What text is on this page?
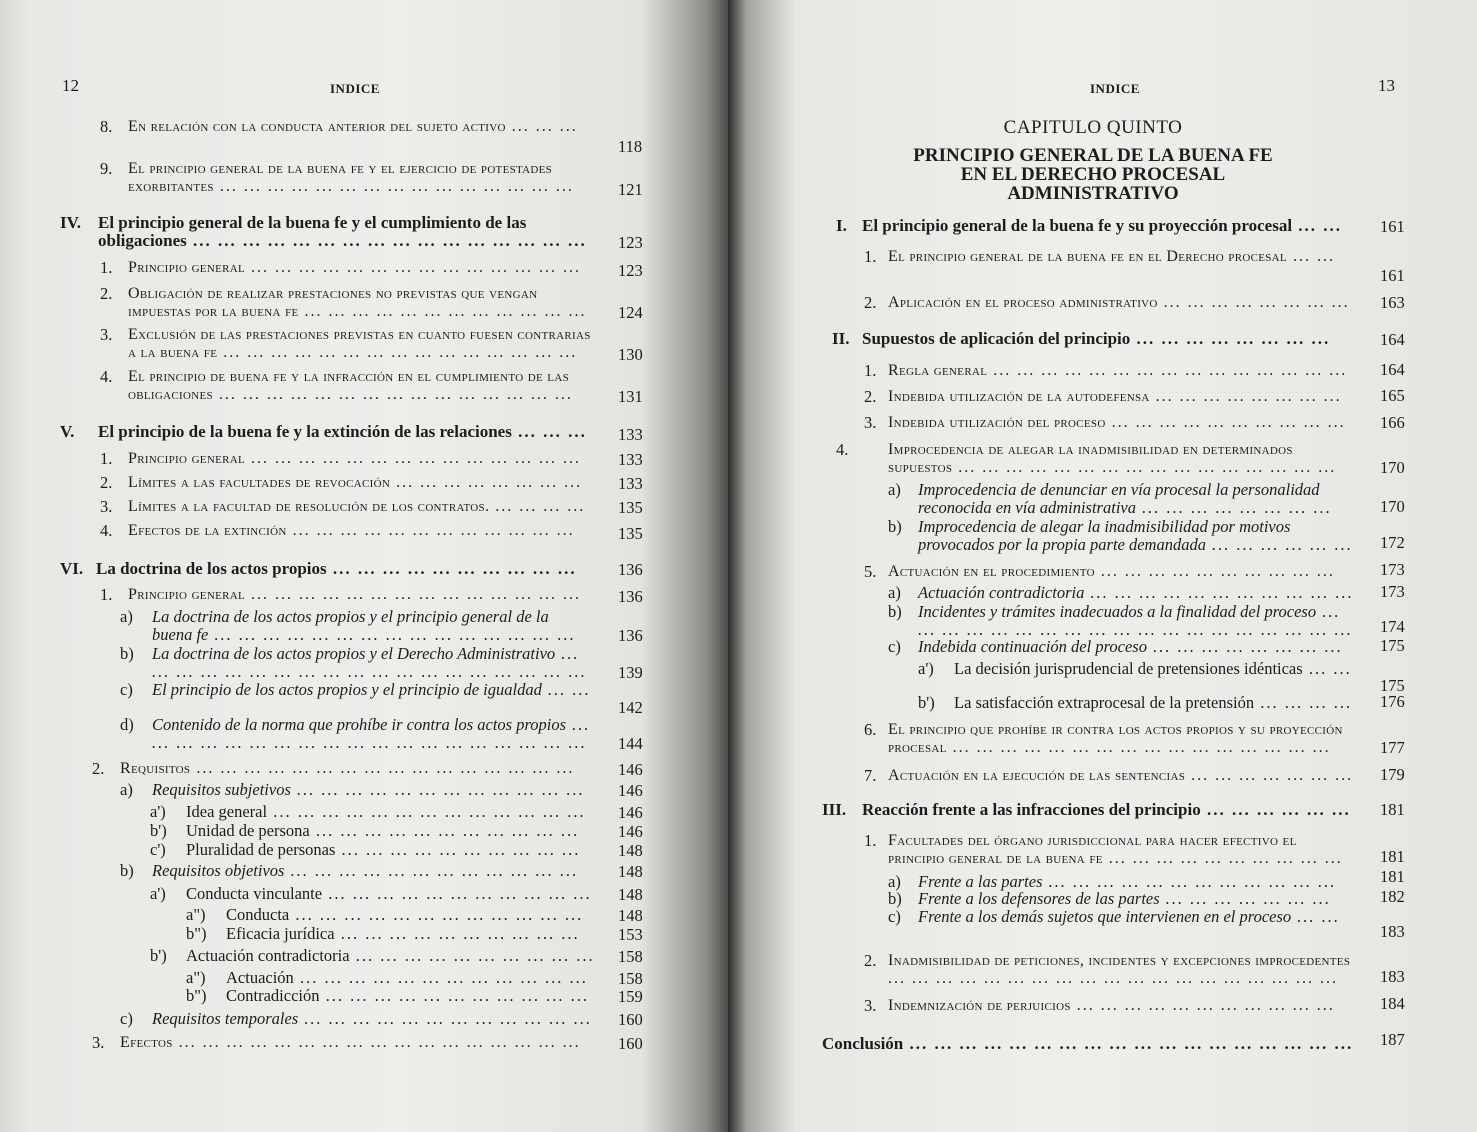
12	INDICE
8. En relación con la conducta anterior del sujeto activo ... ... ...
118
9. El principio general de la buena fe y el ejercicio de potestades exorbitantes ... ... ... ... ... ... ... ... ... ... ... ... ... ... ...	121
IV. El principio general de la buena fe y el cumplimiento de las obligaciones ... ... ... ... ... ... ... ... ... ... ... ... ... ... ... ...	123
1. Principio general ... ... ... ... ... ... ... ... ... ... ... ... ... ...	123
2. Obligación de realizar prestaciones no previstas que vengan impuestas por la buena fe ... ... ... ... ... ... ... ... ... ... ... ...	124
3. Exclusión de las prestaciones previstas en cuanto fuesen contrarias a la buena fe ... ... ... ... ... ... ... ... ... ... ... ... ... ... ...	130
4. El principio de buena fe y la infracción en el cumplimiento de las obligaciones ... ... ... ... ... ... ... ... ... ... ... ... ... ... ...	131
V. El principio de la buena fe y la extinción de las relaciones ... ... ...	133
1. Principio general ... ... ... ... ... ... ... ... ... ... ... ... ... ...	133
2. Límites a las facultades de revocación ... ... ... ... ... ... ... ...	133
3. Límites a la facultad de resolución de los contratos. ... ... ... ...	135
4. Efectos de la extinción ... ... ... ... ... ... ... ... ... ... ... ...	135
VI. La doctrina de los actos propios ... ... ... ... ... ... ... ... ... ...	136
1. Principio general ... ... ... ... ... ... ... ... ... ... ... ... ... ...	136
a) La doctrina de los actos propios y el principio general de la buena fe ... ... ... ... ... ... ... ... ... ... ... ... ... ... ...	136
b) La doctrina de los actos propios y el Derecho Administrativo ... ... ... ... ... ... ... ... ... ... ... ... ... ... ... ... ... ... ...	139
c) El principio de los actos propios y el principio de igualdad ... ...
142
d) Contenido de la norma que prohíbe ir contra los actos propios ... ... ... ... ... ... ... ... ... ... ... ... ... ... ... ... ... ... ...	144
2. Requisitos ... ... ... ... ... ... ... ... ... ... ... ... ... ... ... ...	146
a) Requisitos subjetivos ... ... ... ... ... ... ... ... ... ... ... ...	146
a') Idea general ... ... ... ... ... ... ... ... ... ... ... ... ...	146
b') Unidad de persona ... ... ... ... ... ... ... ... ... ... ...	146
c') Pluralidad de personas ... ... ... ... ... ... ... ... ... ...	148
b) Requisitos objetivos ... ... ... ... ... ... ... ... ... ... ... ...	148
a') Conducta vinculante ... ... ... ... ... ... ... ... ... ... ... 148
a") Conducta ... ... ... ... ... ... ... ... ... ... ... ...	148
b") Eficacia jurídica ... ... ... ... ... ... ... ... ... ...	153
b') Actuación contradictoria ... ... ... ... ... ... ... ... ... ... 158
a") Actuación ... ... ... ... ... ... ... ... ... ... ... ...	158
b") Contradicción ... ... ... ... ... ... ... ... ... ... ...	159
c) Requisitos temporales ... ... ... ... ... ... ... ... ... ... ... ... 160
3. Efectos ... ... ... ... ... ... ... ... ... ... ... ... ... ... ... ... ...	160
INDICE	13
CAPITULO QUINTO
PRINCIPIO GENERAL DE LA BUENA FE
EN EL DERECHO PROCESAL
ADMINISTRATIVO
I. El principio general de la buena fe y su proyección procesal ... ...	161
1. El principio general de la buena fe en el Derecho procesal ... ...
161
2. Aplicación en el proceso administrativo ... ... ... ... ... ... ... ... 163
II. Supuestos de aplicación del principio ... ... ... ... ... ... ... ...	164
1. Regla general ... ... ... ... ... ... ... ... ... ... ... ... ... ... ...	164
2. Indebida utilización de la autodefensa ... ... ... ... ... ... ... ...	165
3. Indebida utilización del proceso ... ... ... ... ... ... ... ... ... ...	166
4. Improcedencia de alegar la inadmisibilidad en determinados supuestos ... ... ... ... ... ... ... ... ... ... ... ... ... ... ... ...	170
a) Improcedencia de denunciar en vía procesal la personalidad reconocida en vía administrativa ... ... ... ... ... ... ... ...	170
b) Improcedencia de alegar la inadmisibilidad por motivos provocados por la propia parte demandada ... ... ... ... ... ... 172
5. Actuación en el procedimiento ... ... ... ... ... ... ... ... ... ...	173
a) Actuación contradictoria ... ... ... ... ... ... ... ... ... ... ... 173
b) Incidentes y trámites inadecuados a la finalidad del proceso ... ... ... ... ... ... ... ... ... ... ... ... ... ... ... ... ... ... ... 174
c) Indebida continuación del proceso ... ... ... ... ... ... ... ...	175
a') La decisión jurisprudencial de pretensiones idénticas ... ...
175
b') La satisfacción extraprocesal de la pretensión ... ... ... ... 176
6. El principio que prohíbe ir contra los actos propios y su proyección procesal ... ... ... ... ... ... ... ... ... ... ... ... ... ... ... ...	177
7. Actuación en la ejecución de las sentencias ... ... ... ... ... ... ... 179
III. Reacción frente a las infracciones del principio ... ... ... ... ... ... 181
1. Facultades del órgano jurisdiccional para hacer efectivo el principio general de la buena fe ... ... ... ... ... ... ... ... ... ...	181
a) Frente a las partes ... ... ... ... ... ... ... ... ... ... ... ...	181
b) Frente a los defensores de las partes ... ... ... ... ... ... ...	182
c) Frente a los demás sujetos que intervienen en el proceso ... ...
183
2. Inadmisibilidad de peticiones, incidentes y excepciones improcedentes ... ... ... ... ... ... ... ... ... ... ... ... ... ... ... ... ... ... ...	183
3. Indemnización de perjuicios ... ... ... ... ... ... ... ... ... ... ...	184
Conclusión ... ... ... ... ... ... ... ... ... ... ... ... ... ... ... ... ... ... 187
